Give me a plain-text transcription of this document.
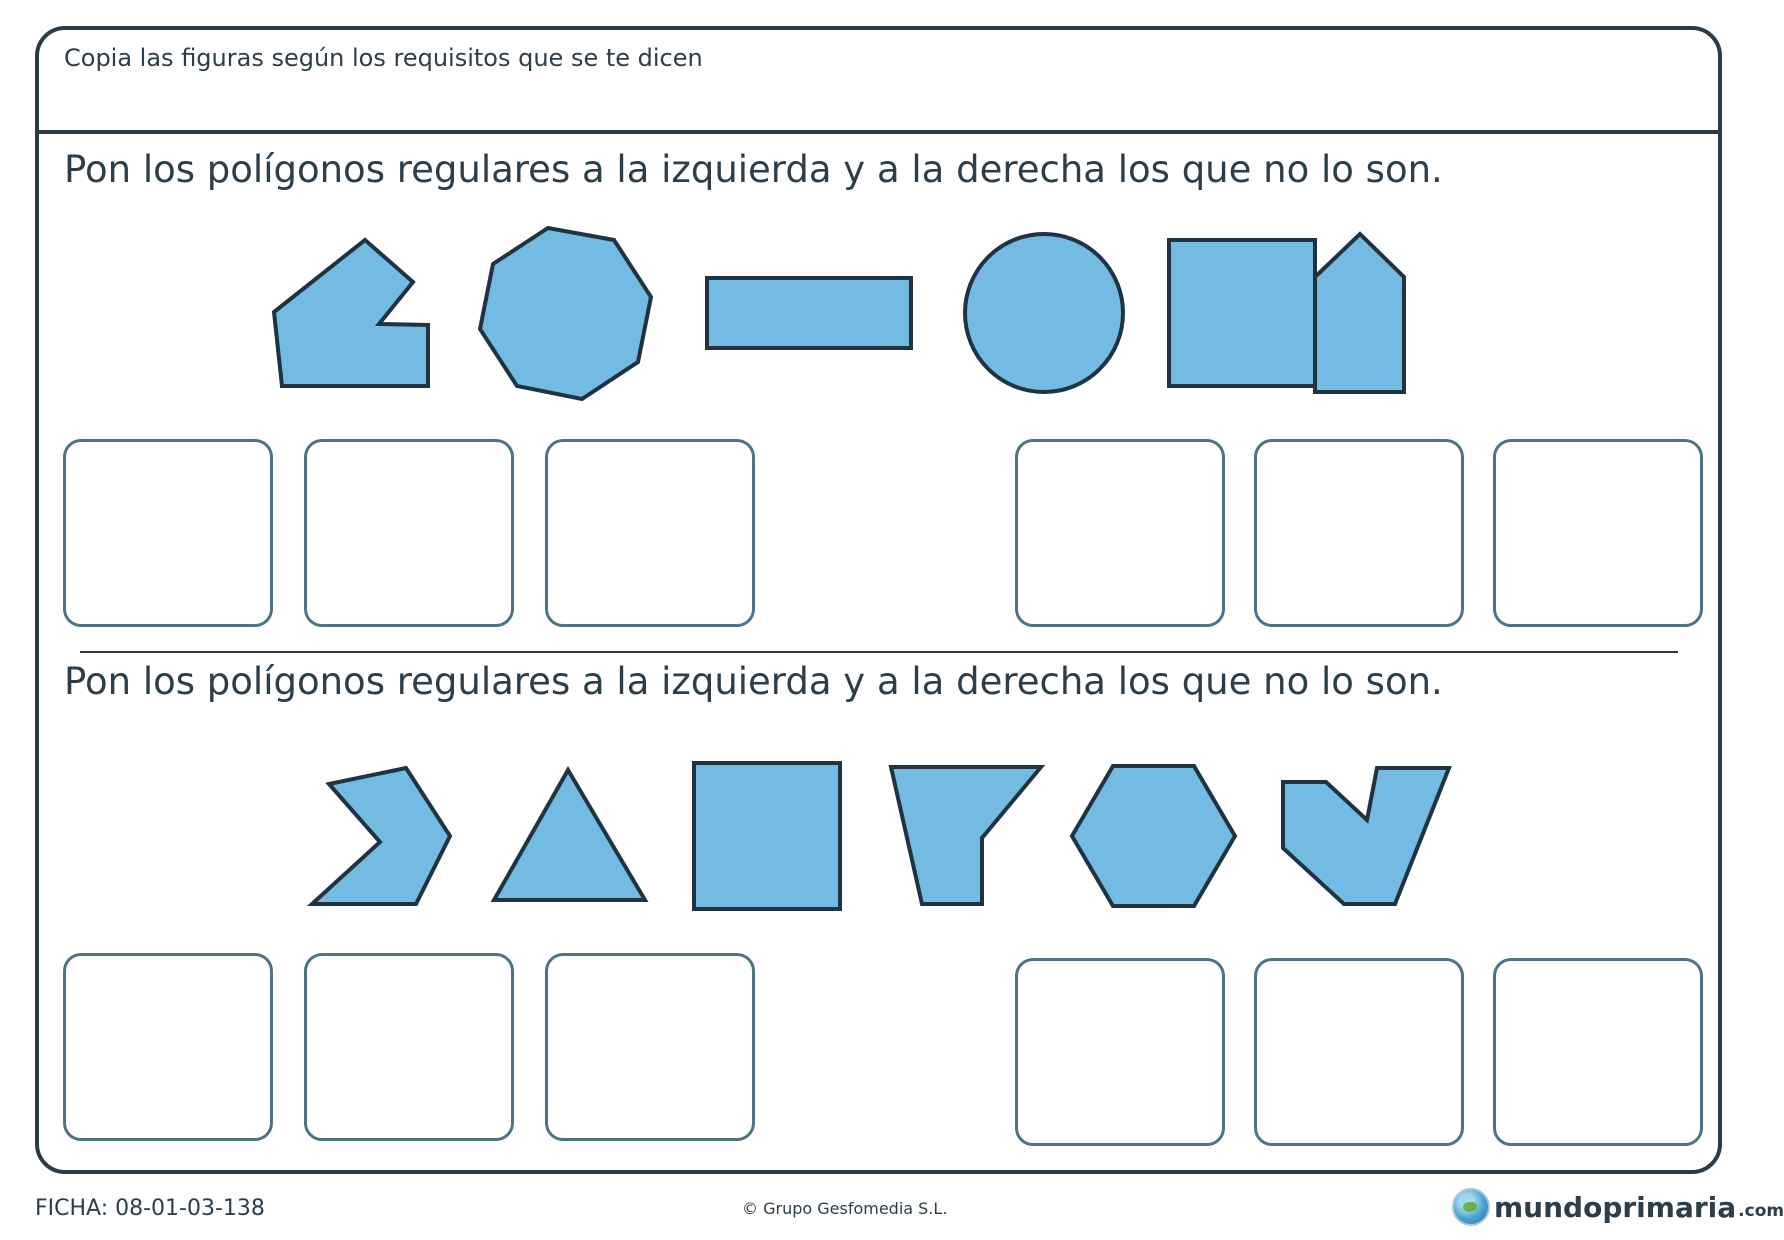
Copia las figuras según los requisitos que se te dicen
Pon los polígonos regulares a la izquierda y a la derecha los que no lo son.
Pon los polígonos regulares a la izquierda y a la derecha los que no lo son.
FICHA: 08-01-03-138	© Grupo Gesfomedia S.L.	mundoprimaria .com
